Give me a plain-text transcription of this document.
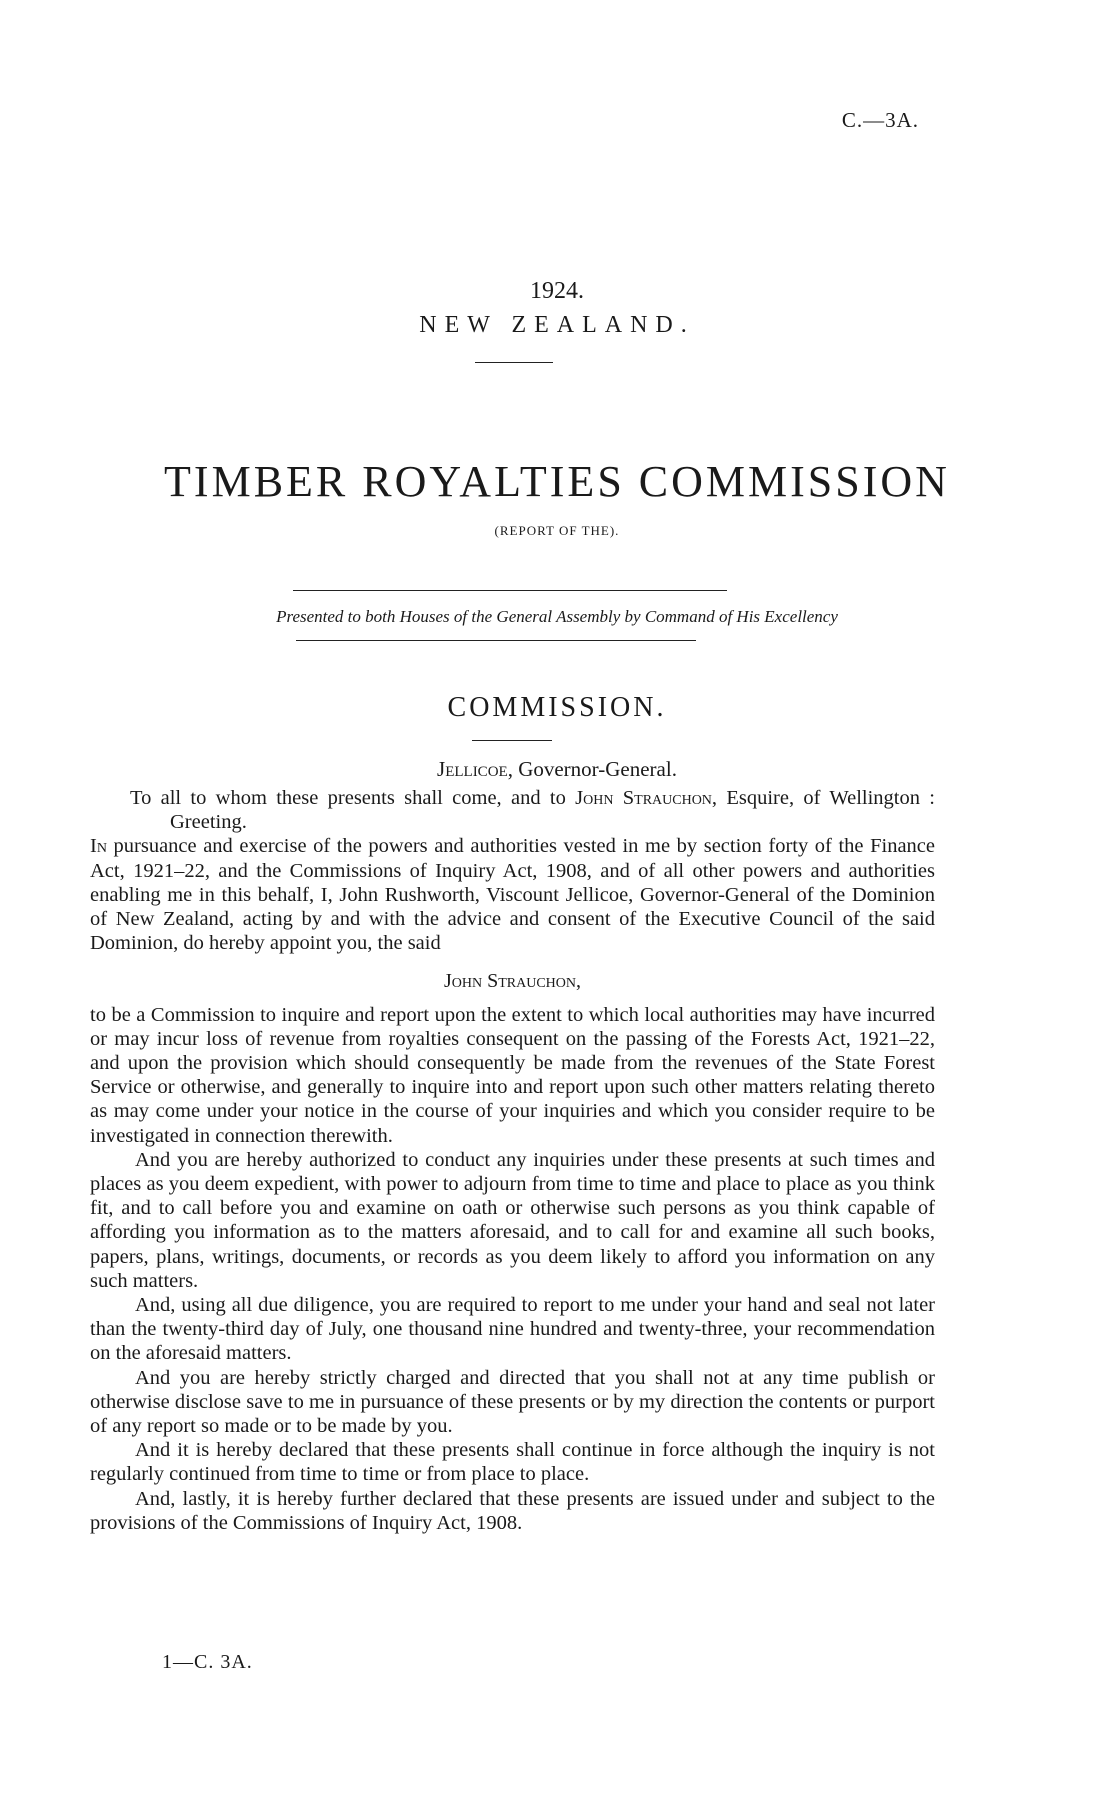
C.—3A.
1924.
NEW ZEALAND.
TIMBER ROYALTIES COMMISSION
(REPORT OF THE).
Presented to both Houses of the General Assembly by Command of His Excellency
COMMISSION.
Jellicoe, Governor-General.

To all to whom these presents shall come, and to John Strauchon, Esquire, of Wellington : Greeting.

In pursuance and exercise of the powers and authorities vested in me by section forty of the Finance Act, 1921–22, and the Commissions of Inquiry Act, 1908, and of all other powers and authorities enabling me in this behalf, I, John Rushworth, Viscount Jellicoe, Governor-General of the Dominion of New Zealand, acting by and with the advice and consent of the Executive Council of the said Dominion, do hereby appoint you, the said

John Strauchon,

to be a Commission to inquire and report upon the extent to which local authorities may have incurred or may incur loss of revenue from royalties consequent on the passing of the Forests Act, 1921–22, and upon the provision which should consequently be made from the revenues of the State Forest Service or otherwise, and generally to inquire into and report upon such other matters relating thereto as may come under your notice in the course of your inquiries and which you consider require to be investigated in connection therewith.

And you are hereby authorized to conduct any inquiries under these presents at such times and places as you deem expedient, with power to adjourn from time to time and place to place as you think fit, and to call before you and examine on oath or otherwise such persons as you think capable of affording you information as to the matters aforesaid, and to call for and examine all such books, papers, plans, writings, documents, or records as you deem likely to afford you information on any such matters.

And, using all due diligence, you are required to report to me under your hand and seal not later than the twenty-third day of July, one thousand nine hundred and twenty-three, your recommendation on the aforesaid matters.

And you are hereby strictly charged and directed that you shall not at any time publish or otherwise disclose save to me in pursuance of these presents or by my direction the contents or purport of any report so made or to be made by you.

And it is hereby declared that these presents shall continue in force although the inquiry is not regularly continued from time to time or from place to place.

And, lastly, it is hereby further declared that these presents are issued under and subject to the provisions of the Commissions of Inquiry Act, 1908.

1—C. 3A.
